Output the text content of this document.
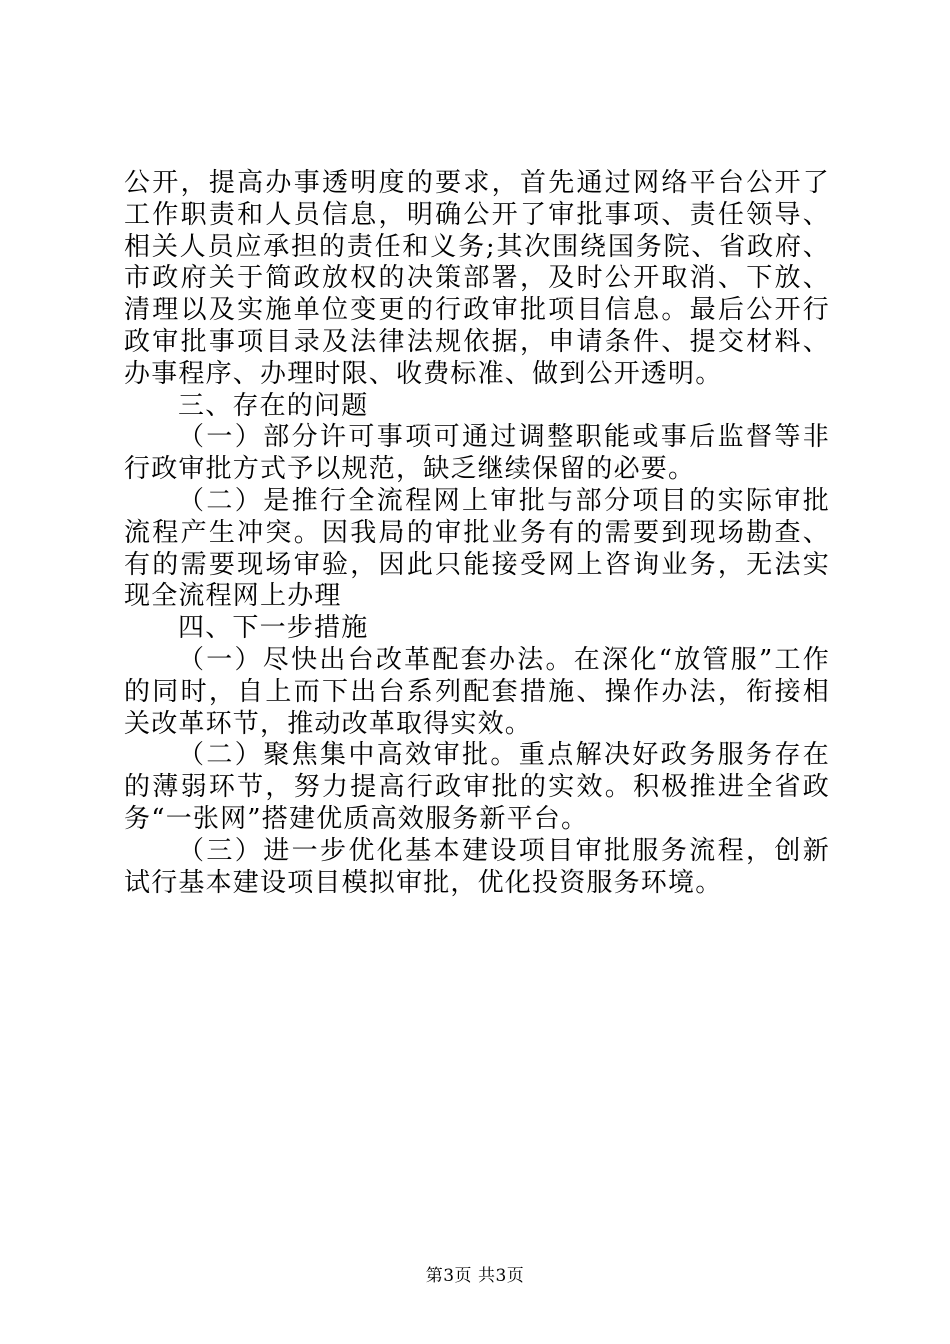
公开，提高办事透明度的要求，首先通过网络平台公开了工作职责和人员信息，明确公开了审批事项、责任领导、相关人员应承担的责任和义务;其次围绕国务院、省政府、市政府关于简政放权的决策部署，及时公开取消、下放、清理以及实施单位变更的行政审批项目信息。最后公开行政审批事项目录及法律法规依据，申请条件、提交材料、办事程序、办理时限、收费标准、做到公开透明。

三、存在的问题

（一）部分许可事项可通过调整职能或事后监督等非行政审批方式予以规范，缺乏继续保留的必要。

（二）是推行全流程网上审批与部分项目的实际审批流程产生冲突。因我局的审批业务有的需要到现场勘查、有的需要现场审验，因此只能接受网上咨询业务，无法实现全流程网上办理

四、下一步措施

（一）尽快出台改革配套办法。在深化“放管服”工作的同时，自上而下出台系列配套措施、操作办法，衔接相关改革环节，推动改革取得实效。

（二）聚焦集中高效审批。重点解决好政务服务存在的薄弱环节，努力提高行政审批的实效。积极推进全省政务“一张网”搭建优质高效服务新平台。

（三）进一步优化基本建设项目审批服务流程，创新试行基本建设项目模拟审批，优化投资服务环境。

第3页 共3页
